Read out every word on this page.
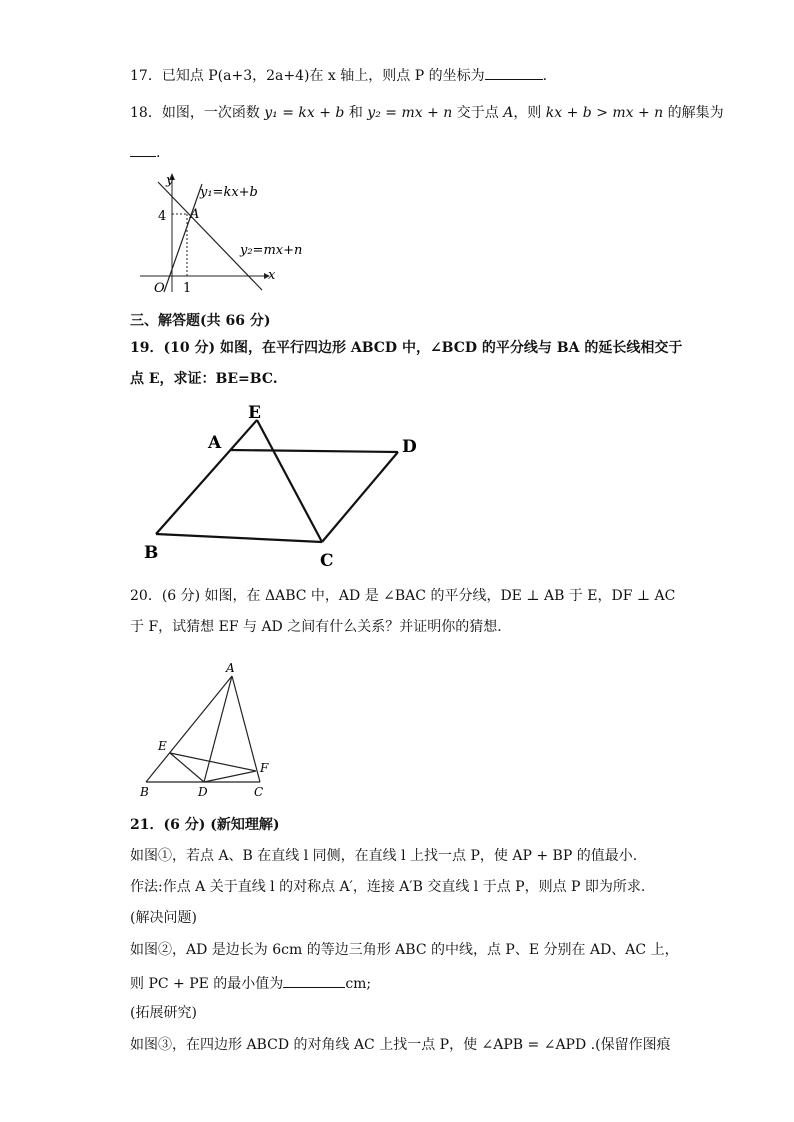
17．已知点 P(a+3，2a+4)在 x 轴上，则点 P 的坐标为	.
18．如图，一次函数 y₁ = kx + b 和 y₂ = mx + n 交于点 A，则 kx + b > mx + n 的解集为
.
y
x
O 1
4 A
y₁=kx+b
y₂=mx+n
三、解答题(共 66 分)
19．(10 分) 如图，在平行四边形 ABCD 中，∠BCD 的平分线与 BA 的延长线相交于
点 E，求证：BE=BC.
E
A	D
B	C
20．(6 分) 如图，在 ΔABC 中，AD 是 ∠BAC 的平分线，DE ⊥ AB 于 E，DF ⊥ AC
于 F，试猜想 EF 与 AD 之间有什么关系？并证明你的猜想.
A
E
F
B	D	C
21．(6 分) (新知理解)
如图①，若点 A、B 在直线 l 同侧，在直线 l 上找一点 P，使 AP + BP 的值最小.
作法:作点 A 关于直线 l 的对称点 A′，连接 A′B 交直线 l 于点 P，则点 P 即为所求.
(解决问题)
如图②，AD 是边长为 6cm 的等边三角形 ABC 的中线，点 P、E 分别在 AD、AC 上，
则 PC + PE 的最小值为	cm;
(拓展研究)
如图③，在四边形 ABCD 的对角线 AC 上找一点 P，使 ∠APB = ∠APD .(保留作图痕
